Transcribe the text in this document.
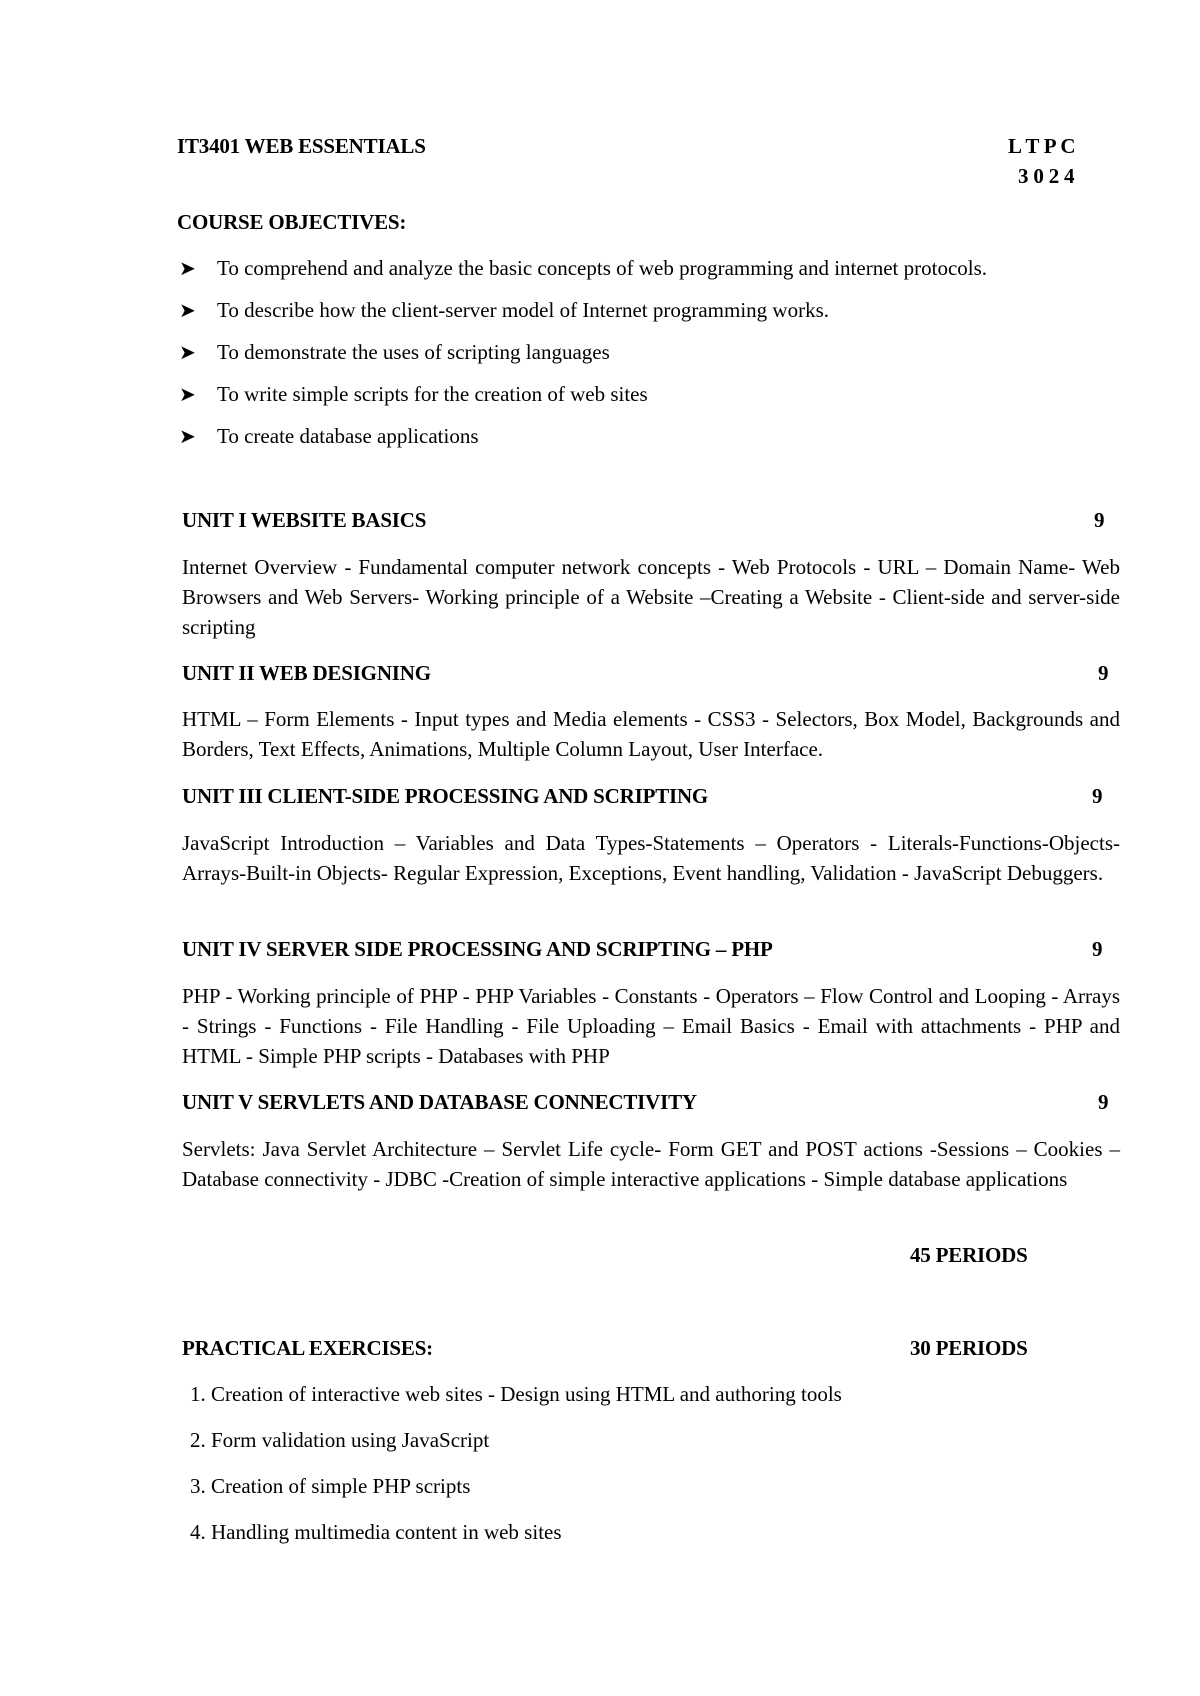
IT3401 WEB ESSENTIALS	L T P C
3 0 2 4
COURSE OBJECTIVES:
➤ To comprehend and analyze the basic concepts of web programming and internet protocols.
➤ To describe how the client-server model of Internet programming works.
➤ To demonstrate the uses of scripting languages
➤ To write simple scripts for the creation of web sites
➤ To create database applications
UNIT I WEBSITE BASICS	9
Internet Overview - Fundamental computer network concepts - Web Protocols - URL – Domain Name- Web Browsers and Web Servers- Working principle of a Website –Creating a Website - Client-side and server-side scripting
UNIT II WEB DESIGNING	9
HTML – Form Elements - Input types and Media elements - CSS3 - Selectors, Box Model, Backgrounds and Borders, Text Effects, Animations, Multiple Column Layout, User Interface.
UNIT III CLIENT-SIDE PROCESSING AND SCRIPTING	9
JavaScript Introduction – Variables and Data Types-Statements – Operators - Literals-Functions-Objects-Arrays-Built-in Objects- Regular Expression, Exceptions, Event handling, Validation - JavaScript Debuggers.
UNIT IV SERVER SIDE PROCESSING AND SCRIPTING – PHP	9
PHP - Working principle of PHP - PHP Variables - Constants - Operators – Flow Control and Looping - Arrays - Strings - Functions - File Handling - File Uploading – Email Basics - Email with attachments - PHP and HTML - Simple PHP scripts - Databases with PHP
UNIT V SERVLETS AND DATABASE CONNECTIVITY	9
Servlets: Java Servlet Architecture – Servlet Life cycle- Form GET and POST actions -Sessions – Cookies – Database connectivity - JDBC -Creation of simple interactive applications - Simple database applications
45 PERIODS
PRACTICAL EXERCISES:	30 PERIODS
1. Creation of interactive web sites - Design using HTML and authoring tools
2. Form validation using JavaScript
3. Creation of simple PHP scripts
4. Handling multimedia content in web sites
